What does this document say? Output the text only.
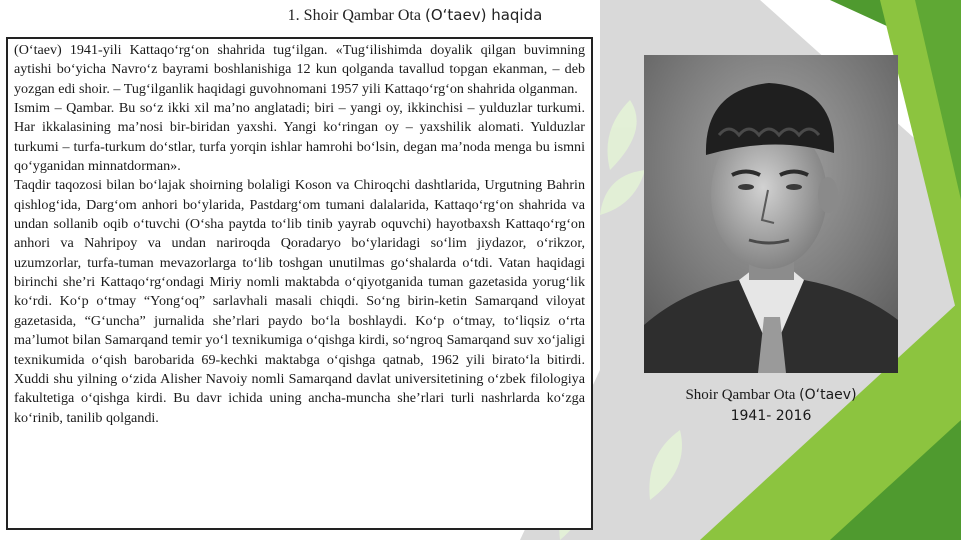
1. Shoir Qambar Ota (O‘taev) haqida

(O‘taev) 1941-yili Kattaqo‘rg‘on shahrida tug‘ilgan. «Tug‘ilishimda doyalik qilgan buvimning aytishi bo‘yicha Navro‘z bayrami boshlanishiga 12 kun qolganda tavallud topgan ekanman, – deb yozgan edi shoir. – Tug‘ilganlik haqidagi guvohnomani 1957 yili Kattaqo‘rg‘on shahrida olganman.

Ismim – Qambar. Bu so‘z ikki xil ma’no anglatadi; biri – yangi oy, ikkinchisi – yulduzlar turkumi. Har ikkalasining ma’nosi bir-biridan yaxshi. Yangi ko‘ringan oy – yaxshilik alomati. Yulduzlar turkumi – turfa-turkum do‘stlar, turfa yorqin ishlar hamrohi bo‘lsin, degan ma’noda menga bu ismni qo‘yganidan minnatdorman».

Taqdir taqozosi bilan bo‘lajak shoirning bolaligi Koson va Chiroqchi dashtlarida, Urgutning Bahrin qishlog‘ida, Darg‘om anhori bo‘ylarida, Pastdarg‘om tumani dalalarida, Kattaqo‘rg‘on shahrida va undan sollanib oqib o‘tuvchi (O‘sha paytda to‘lib tinib yayrab oquvchi) hayotbaxsh Kattaqo‘rg‘on anhori va Nahripoy va undan nariroqda Qoradaryo bo‘ylaridagi so‘lim jiydazor, o‘rikzor, uzumzorlar, turfa-tuman mevazorlarga to‘lib toshgan unutilmas go‘shalarda o‘tdi. Vatan haqidagi birinchi she’ri Kattaqo‘rg‘ondagi Miriy nomli maktabda o‘qiyotganida tuman gazetasida yorug‘lik ko‘rdi. Ko‘p o‘tmay “Yong‘oq” sarlavhali masali chiqdi. So‘ng birin-ketin Samarqand viloyat gazetasida, “G‘uncha” jurnalida she’rlari paydo bo‘la boshlaydi. Ko‘p o‘tmay, to‘liqsiz o‘rta ma’lumot bilan Samarqand temir yo‘l texnikumiga o‘qishga kirdi, so‘ngroq Samarqand suv xo‘jaligi texnikumida o‘qish barobarida 69-kechki maktabga o‘qishga qatnab, 1962 yili birato‘la bitirdi. Xuddi shu yilning o‘zida Alisher Navoiy nomli Samarqand davlat universitetining o‘zbek filologiya fakultetiga o‘qishga kirdi. Bu davr ichida uning ancha-muncha she’rlari turli nashrlarda ko‘zga ko‘rinib, tanilib qolgandi.

Shoir Qambar Ota (O‘taev)
1941- 2016
